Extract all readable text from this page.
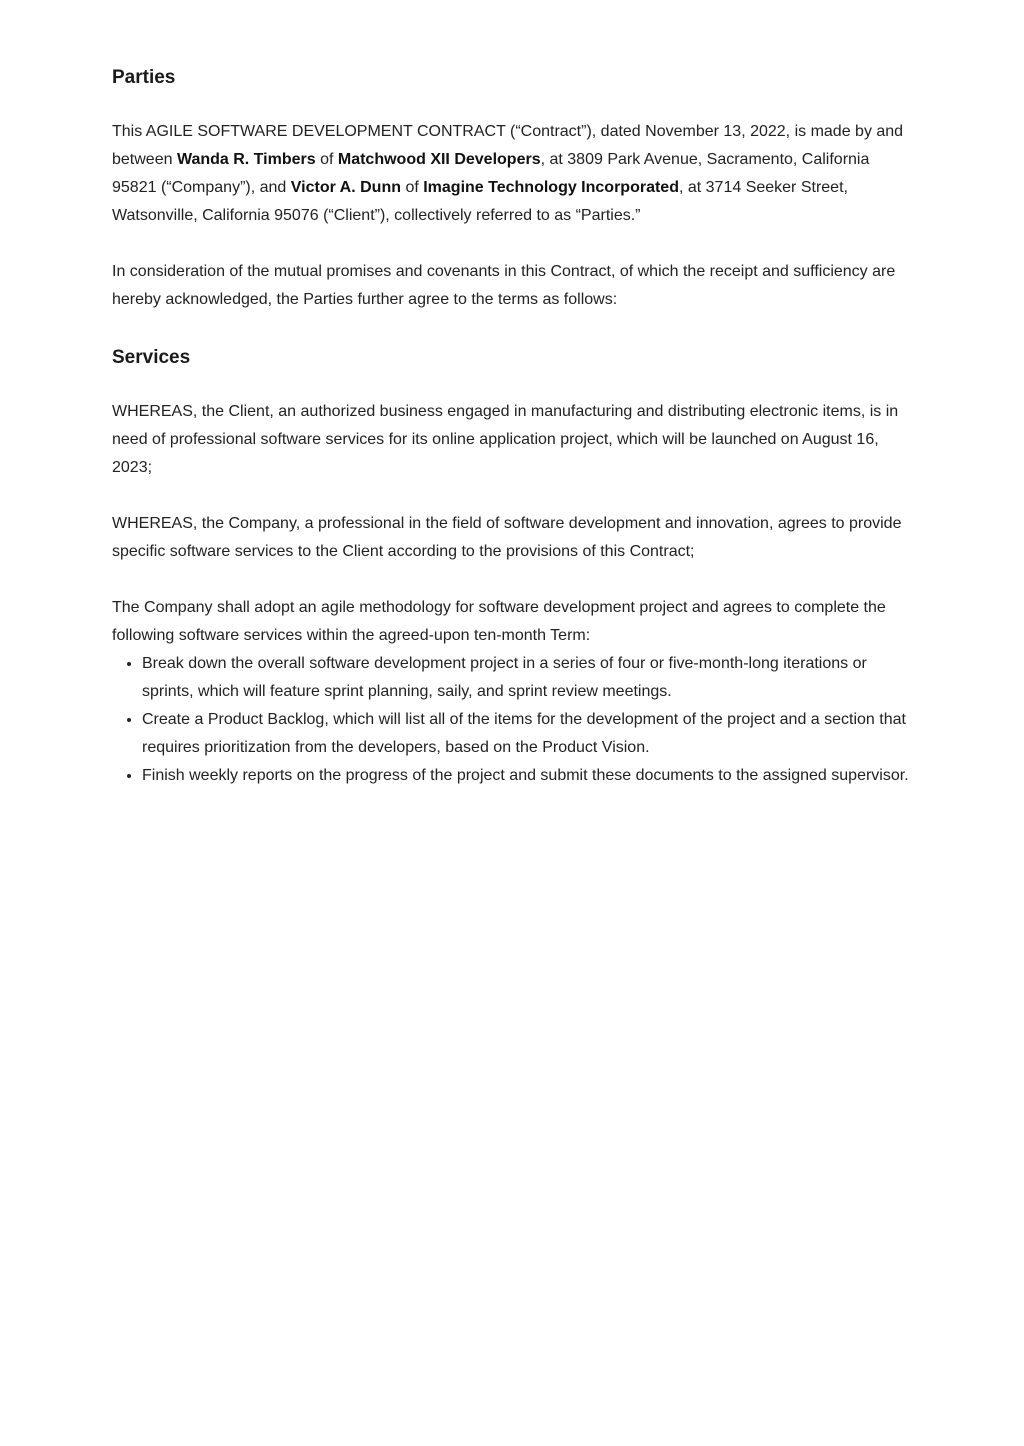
Parties

This AGILE SOFTWARE DEVELOPMENT CONTRACT (“Contract”), dated November 13, 2022, is made by and between Wanda R. Timbers of Matchwood XII Developers, at 3809 Park Avenue, Sacramento, California 95821 (“Company”), and Victor A. Dunn of Imagine Technology Incorporated, at 3714 Seeker Street, Watsonville, California 95076 (“Client”), collectively referred to as “Parties.”

In consideration of the mutual promises and covenants in this Contract, of which the receipt and sufficiency are hereby acknowledged, the Parties further agree to the terms as follows:

Services

WHEREAS, the Client, an authorized business engaged in manufacturing and distributing electronic items, is in need of professional software services for its online application project, which will be launched on August 16, 2023;

WHEREAS, the Company, a professional in the field of software development and innovation, agrees to provide specific software services to the Client according to the provisions of this Contract;

The Company shall adopt an agile methodology for software development project and agrees to complete the following software services within the agreed-upon ten-month Term:

• Break down the overall software development project in a series of four or five-month-long iterations or sprints, which will feature sprint planning, saily, and sprint review meetings.
• Create a Product Backlog, which will list all of the items for the development of the project and a section that requires prioritization from the developers, based on the Product Vision.
• Finish weekly reports on the progress of the project and submit these documents to the assigned supervisor.
